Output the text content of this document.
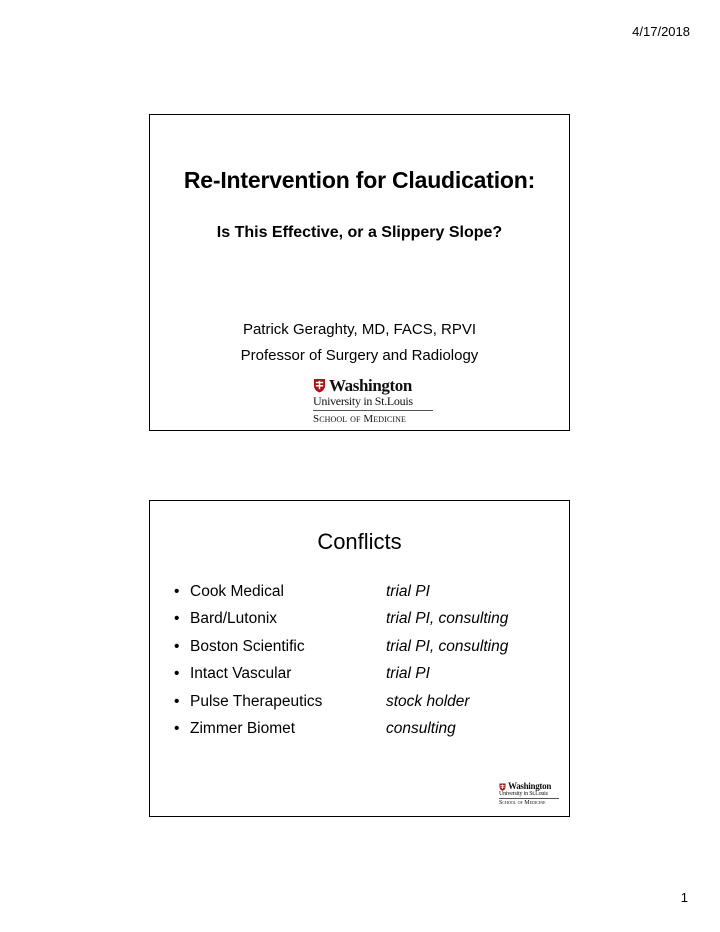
4/17/2018
Re-Intervention for Claudication:
Is This Effective, or a Slippery Slope?
Patrick Geraghty, MD, FACS, RPVI
Professor of Surgery and Radiology
Washington
University in St.Louis
School of Medicine
Conflicts
• Cook Medical	trial PI
• Bard/Lutonix	trial PI, consulting
• Boston Scientific	trial PI, consulting
• Intact Vascular	trial PI
• Pulse Therapeutics	stock holder
• Zimmer Biomet	consulting
Washington
University in St.Louis
School of Medicine
1
